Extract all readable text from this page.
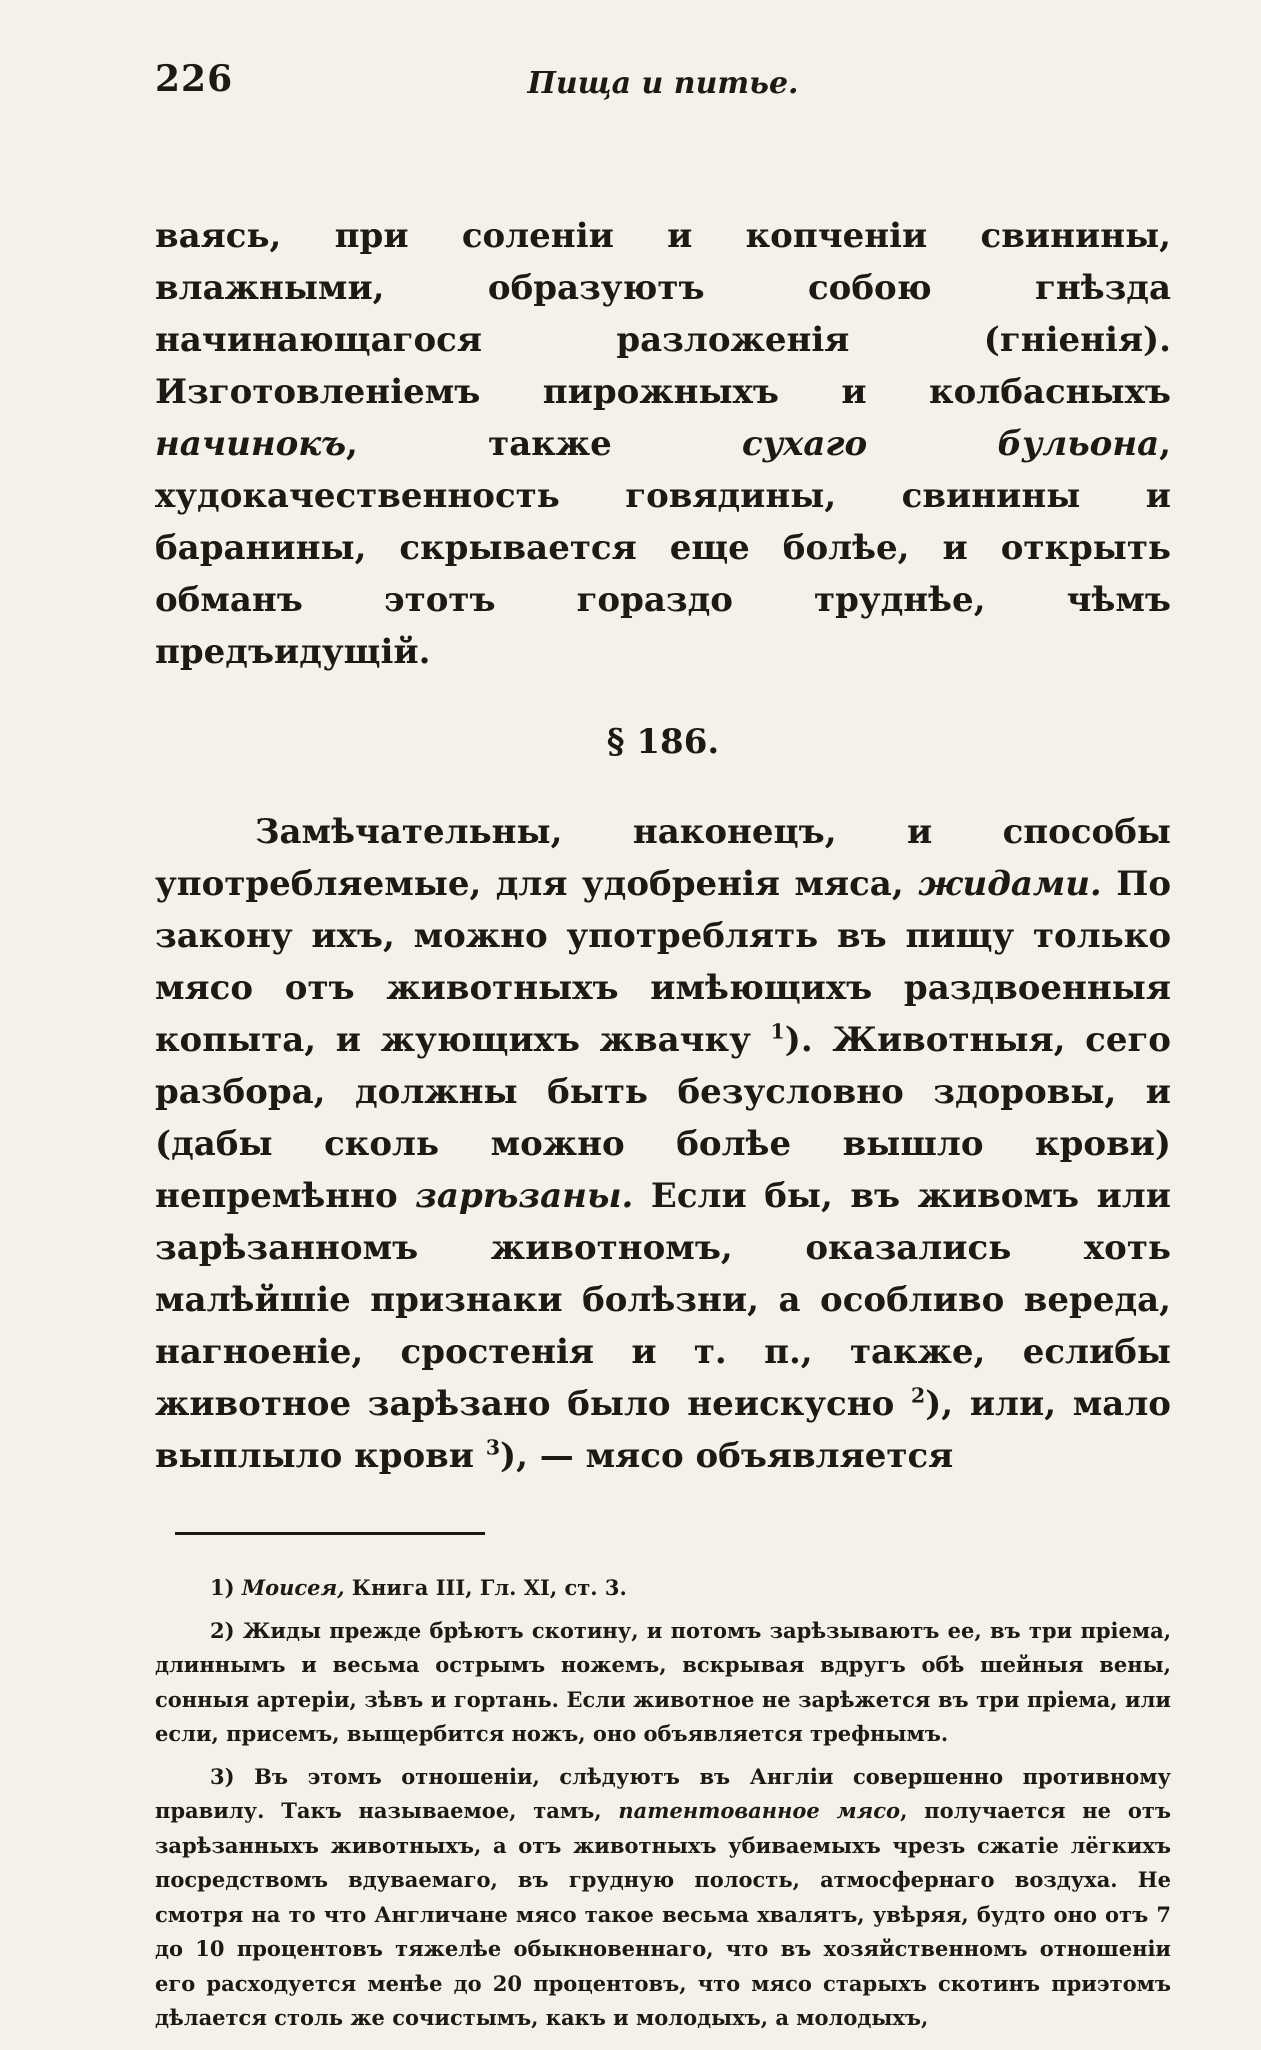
226	Пища и питье.

ваясь, при соленіи и копченіи свинины, влажными, образуютъ собою гнѣзда начинающагося разложенія (гніенія). Изготовленіемъ пирожныхъ и колбасныхъ начинокъ, также сухаго бульона, худокачественность говядины, свинины и баранины, скрывается еще болѣе, и открыть обманъ этотъ гораздо труднѣе, чѣмъ предъидущій.

§ 186.

Замѣчательны, наконецъ, и способы употребляемые, для удобренія мяса, жидами. По закону ихъ, можно употреблять въ пищу только мясо отъ животныхъ имѣющихъ раздвоенныя копыта, и жующихъ жвачку $^1$). Животныя, сего разбора, должны быть безусловно здоровы, и (дабы сколь можно болѣе вышло крови) непремѣнно зарѣзаны. Если бы, въ живомъ или зарѣзанномъ животномъ, оказались хоть малѣйшіе признаки болѣзни, а особливо вереда, нагноеніе, сростенія и т. п., также, еслибы животное зарѣзано было неискусно $^2$), или, мало выплыло крови $^3$), — мясо объявляется

1) Моисея, Книга III, Гл. XI, ст. 3.

2) Жиды прежде брѣютъ скотину, и потомъ зарѣзываютъ ее, въ три пріема, длиннымъ и весьма острымъ ножемъ, вскрывая вдругъ обѣ шейныя вены, сонныя артеріи, зѣвъ и гортань. Если животное не зарѣжется въ три пріема, или если, присемъ, выщербится ножъ, оно объявляется трефнымъ.

3) Въ этомъ отношеніи, слѣдуютъ въ Англіи совершенно противному правилу. Такъ называемое, тамъ, патентованное мясо, получается не отъ зарѣзанныхъ животныхъ, а отъ животныхъ убиваемыхъ чрезъ сжатіе лёгкихъ посредствомъ вдуваемаго, въ грудную полость, атмосфернаго воздуха. Не смотря на то что Англичане мясо такое весьма хвалятъ, увѣряя, будто оно отъ 7 до 10 процентовъ тяжелѣе обыкновеннаго, что въ хозяйственномъ отношеніи его расходуется менѣе до 20 процентовъ, что мясо старыхъ скотинъ приэтомъ дѣлается столь же сочистымъ, какъ и молодыхъ, а молодыхъ,
